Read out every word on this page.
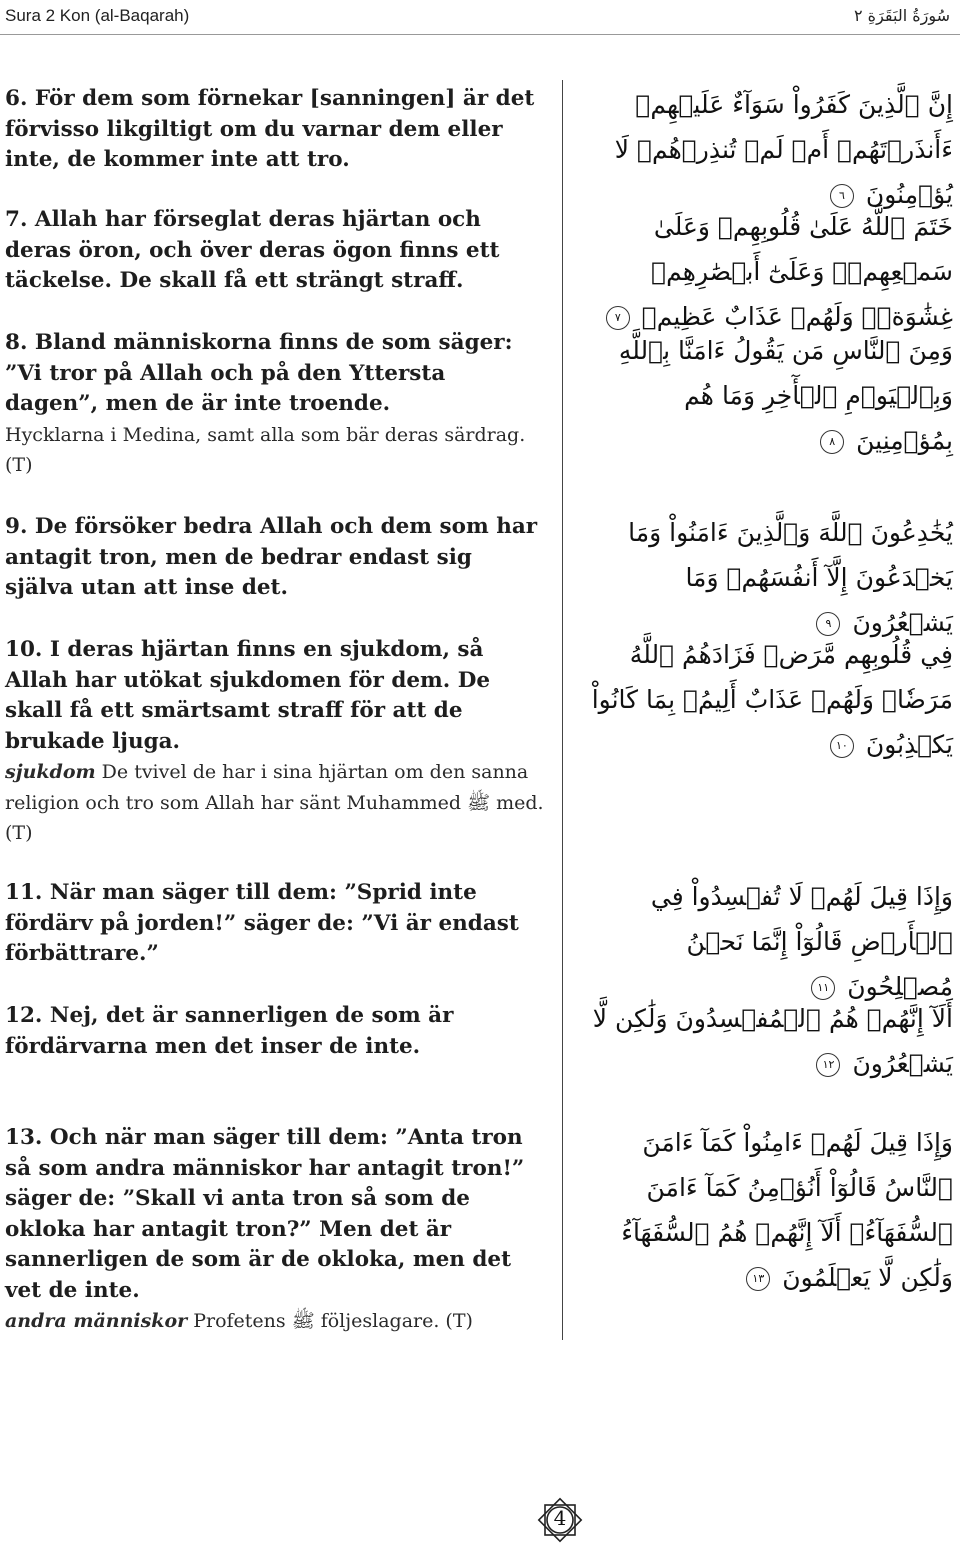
Sura 2 Kon (al-Baqarah)	سُورَةُ البَقَرَةِ ٢

6. För dem som förnekar [sanningen] är det förvisso likgiltigt om du varnar dem eller inte, de kommer inte att tro.

إِنَّ ٱلَّذِينَ كَفَرُواْ سَوَآءٌ عَلَيۡهِمۡ ءَأَنذَرۡتَهُمۡ أَمۡ لَمۡ تُنذِرۡهُمۡ لَا يُؤۡمِنُونَ ٦

7. Allah har förseglat deras hjärtan och deras öron, och över deras ögon finns ett täckelse. De skall få ett strängt straff.

خَتَمَ ٱللَّهُ عَلَىٰ قُلُوبِهِمۡ وَعَلَىٰ سَمۡعِهِمۡۖ وَعَلَىٰٓ أَبۡصَٰرِهِمۡ غِشَٰوَةٞۖ وَلَهُمۡ عَذَابٌ عَظِيمٞ ٧

8. Bland människorna finns de som säger: ”Vi tror på Allah och på den Yttersta dagen”, men de är inte troende.

Hycklarna i Medina, samt alla som bär deras särdrag. (T)

وَمِنَ ٱلنَّاسِ مَن يَقُولُ ءَامَنَّا بِٱللَّهِ وَبِٱلۡيَوۡمِ ٱلۡأٓخِرِ وَمَا هُم بِمُؤۡمِنِينَ ٨

9. De försöker bedra Allah och dem som har antagit tron, men de bedrar endast sig själva utan att inse det.

يُخَٰدِعُونَ ٱللَّهَ وَٱلَّذِينَ ءَامَنُواْ وَمَا يَخۡدَعُونَ إِلَّآ أَنفُسَهُمۡ وَمَا يَشۡعُرُونَ ٩

10. I deras hjärtan finns en sjukdom, så Allah har utökat sjukdomen för dem. De skall få ett smärtsamt straff för att de brukade ljuga.

sjukdom De tvivel de har i sina hjärtan om den sanna religion och tro som Allah har sänt Muhammed ﷺ med. (T)

فِي قُلُوبِهِم مَّرَضٞ فَزَادَهُمُ ٱللَّهُ مَرَضٗاۖ وَلَهُمۡ عَذَابٌ أَلِيمُۢ بِمَا كَانُواْ يَكۡذِبُونَ ١٠

11. När man säger till dem: ”Sprid inte fördärv på jorden!” säger de: ”Vi är endast förbättrare.”

وَإِذَا قِيلَ لَهُمۡ لَا تُفۡسِدُواْ فِي ٱلۡأَرۡضِ قَالُوٓاْ إِنَّمَا نَحۡنُ مُصۡلِحُونَ ١١

12. Nej, det är sannerligen de som är fördärvarna men det inser de inte.

أَلَآ إِنَّهُمۡ هُمُ ٱلۡمُفۡسِدُونَ وَلَٰكِن لَّا يَشۡعُرُونَ ١٢

13. Och när man säger till dem: ”Anta tron så som andra människor har antagit tron!” säger de: ”Skall vi anta tron så som de okloka har antagit tron?” Men det är sannerligen de som är de okloka, men det vet de inte.

andra människor Profetens ﷺ följeslagare. (T)

وَإِذَا قِيلَ لَهُمۡ ءَامِنُواْ كَمَآ ءَامَنَ ٱلنَّاسُ قَالُوٓاْ أَنُؤۡمِنُ كَمَآ ءَامَنَ ٱلسُّفَهَآءُۗ أَلَآ إِنَّهُمۡ هُمُ ٱلسُّفَهَآءُ وَلَٰكِن لَّا يَعۡلَمُونَ ١٣
4
